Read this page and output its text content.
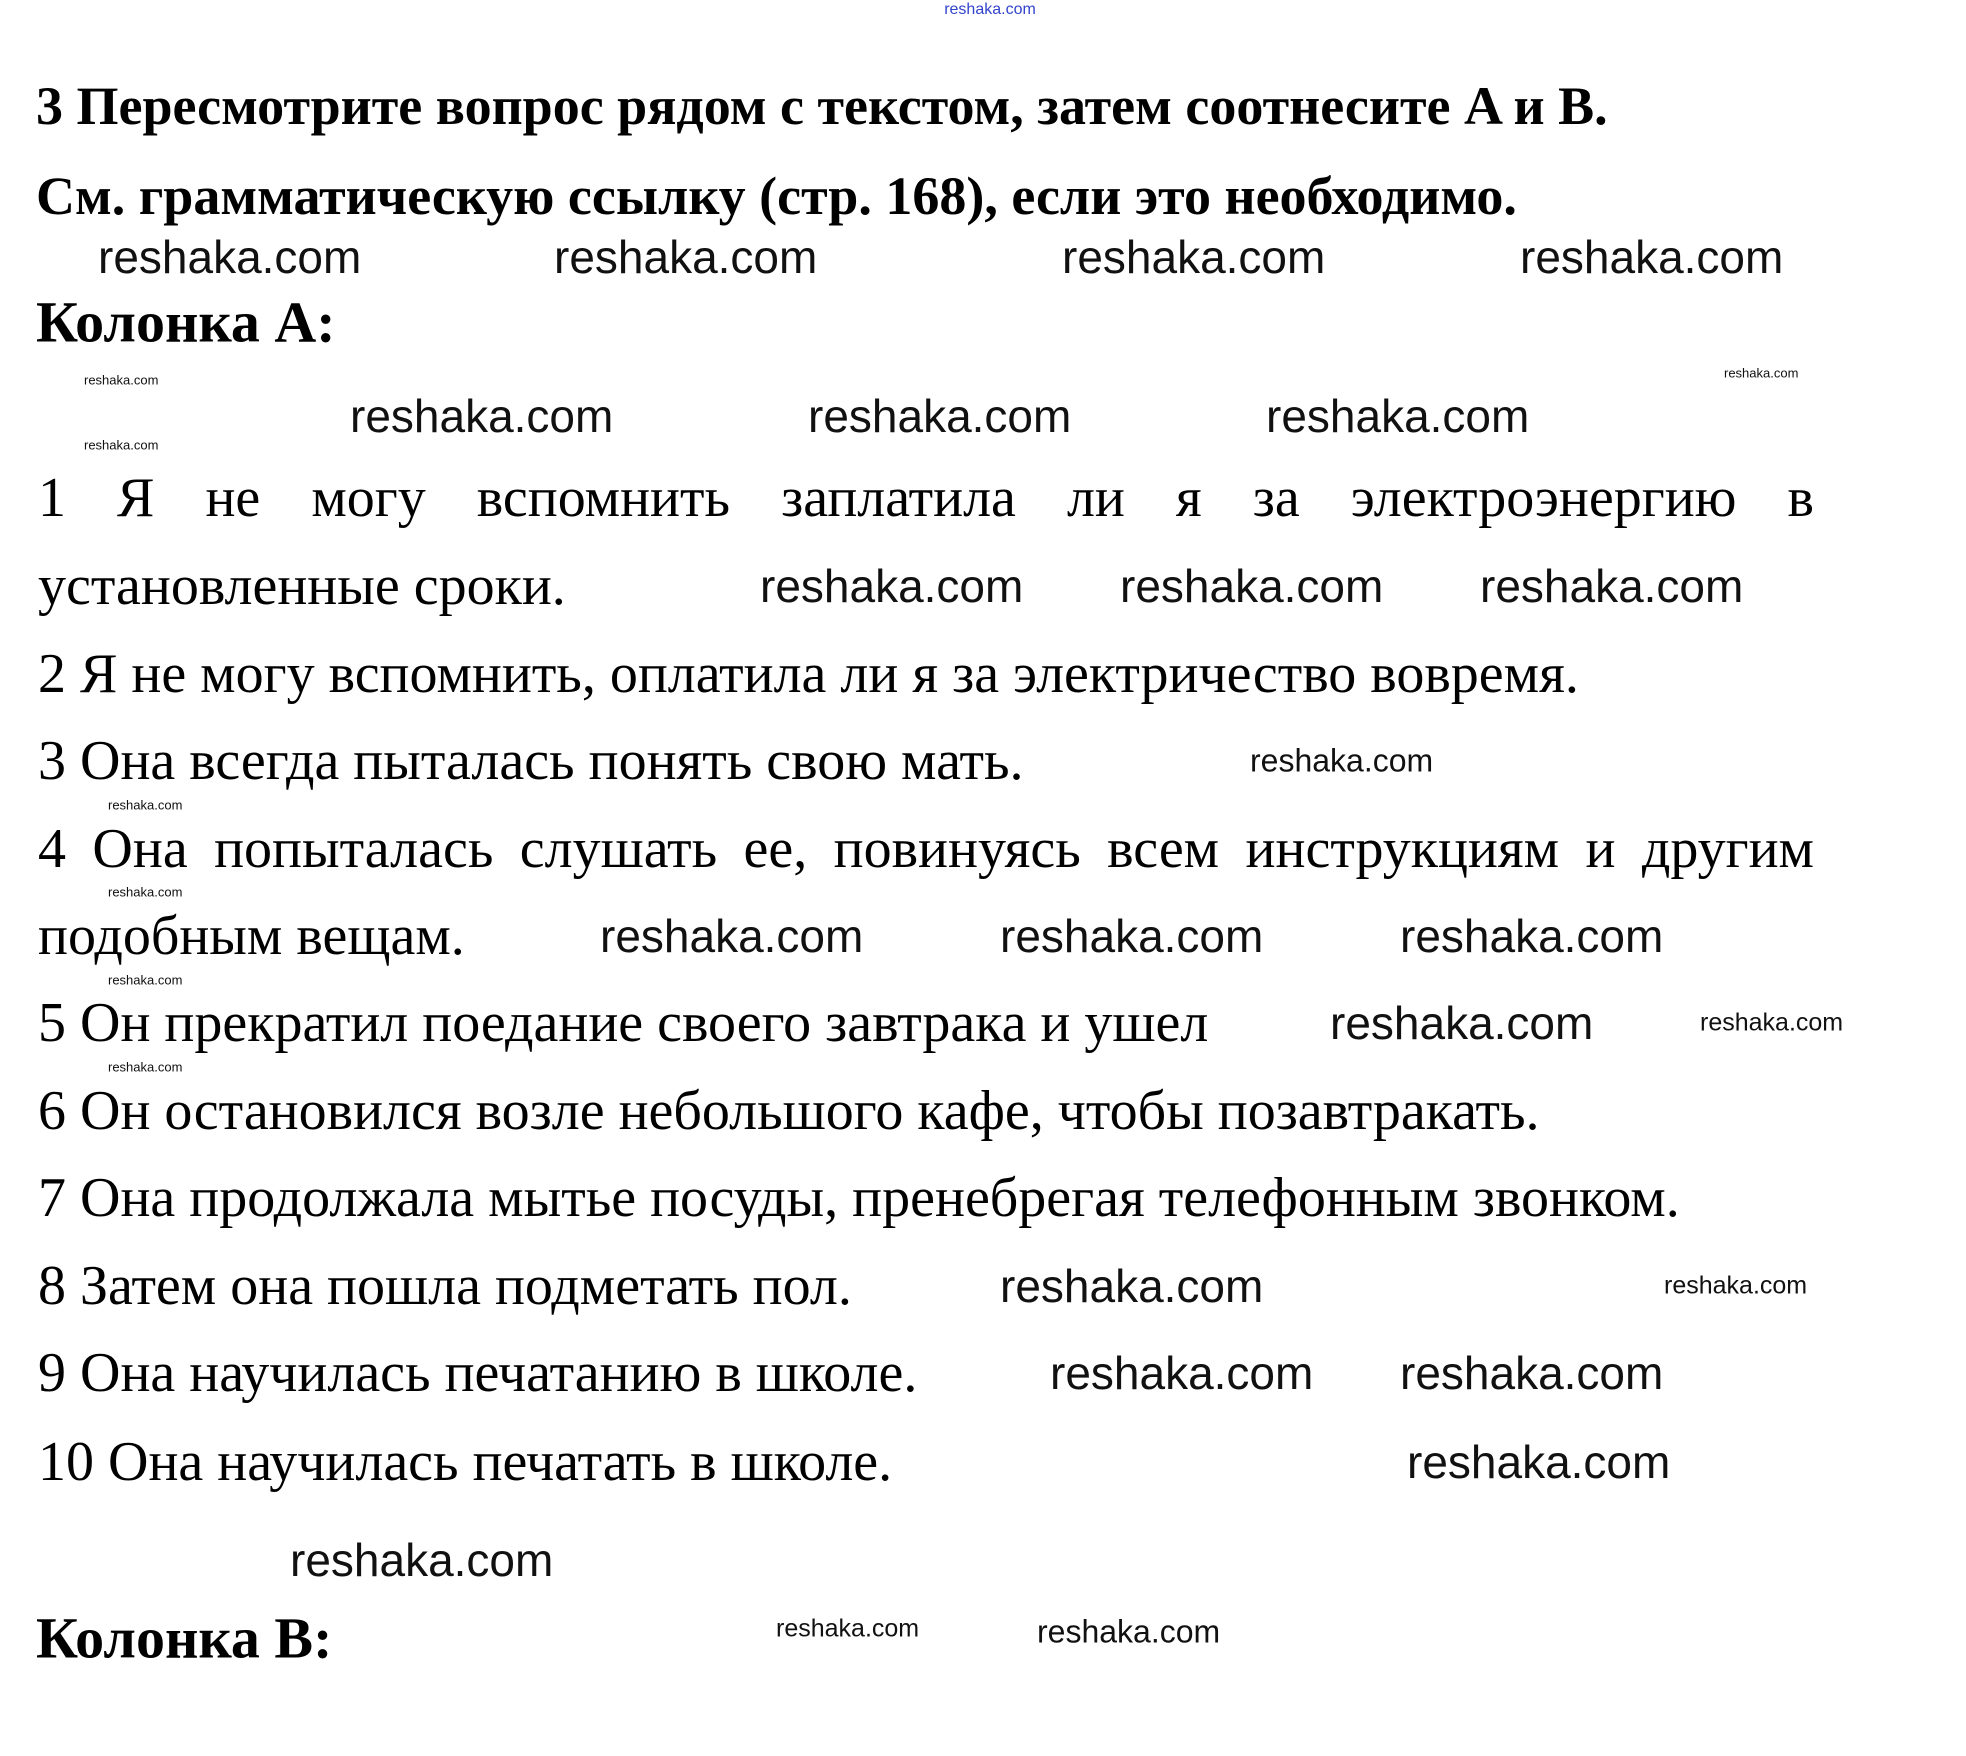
reshaka.com
reshaka.com	reshaka.com	reshaka.com	reshaka.com
reshaka.com
reshaka.com
reshaka.com
reshaka.com	reshaka.com	reshaka.com
reshaka.com reshaka.com reshaka.com
reshaka.com
reshaka.com
reshaka.com
reshaka.com	reshaka.com	reshaka.com
reshaka.com
reshaka.com
reshaka.com
reshaka.com
reshaka.com
reshaka.com
reshaka.com reshaka.com
reshaka.com
reshaka.com
reshaka.com	reshaka.com
3 Пересмотрите вопрос рядом с текстом, затем соотнесите A и B.
См. грамматическую ссылку (стр. 168), если это необходимо.
Колонка A:
1 Я не могу вспомнить заплатила ли я за электроэнергию в
установленные сроки.
2 Я не могу вспомнить, оплатила ли я за электричество вовремя.
3 Она всегда пыталась понять свою мать.
4 Она попыталась слушать ее, повинуясь всем инструкциям и другим
подобным вещам.
5 Он прекратил поедание своего завтрака и ушел
6 Он остановился возле небольшого кафе, чтобы позавтракать.
7 Она продолжала мытье посуды, пренебрегая телефонным звонком.
8 Затем она пошла подметать пол.
9 Она научилась печатанию в школе.
10 Она научилась печатать в школе.
Колонка B:
